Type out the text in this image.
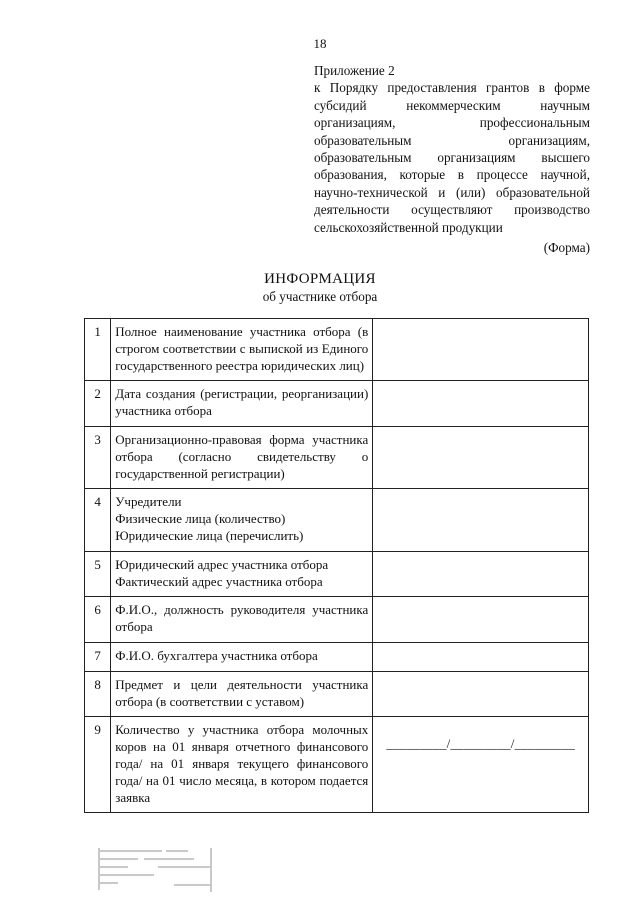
18

Приложение 2

к Порядку предоставления грантов в форме субсидий некоммерческим научным организациям, профессиональным образовательным организациям, образовательным организациям высшего образования, которые в процессе научной, научно-технической и (или) образовательной деятельности осуществляют производство сельскохозяйственной продукции

(Форма)
ИНФОРМАЦИЯ
об участнике отбора
1	Полное наименование участника отбора (в строгом соответствии с выпиской из Единого государственного реестра юридических лиц)	

2	Дата создания (регистрации, реорганизации) участника отбора	

3	Организационно-правовая форма участника отбора (согласно свидетельству о государственной регистрации)	

4	Учредители
Физические лица (количество)
Юридические лица (перечислить)	

5	Юридический адрес участника отбора
Фактический адрес участника отбора	

6	Ф.И.О., должность руководителя участника отбора	

7	Ф.И.О. бухгалтера участника отбора	

8	Предмет и цели деятельности участника отбора (в соответствии с уставом)	

9	Количество у участника отбора молочных коров на 01 января отчетного финансового года/ на 01 января текущего финансового года/ на 01 число месяца, в котором подается заявка	_________/_________/_________
